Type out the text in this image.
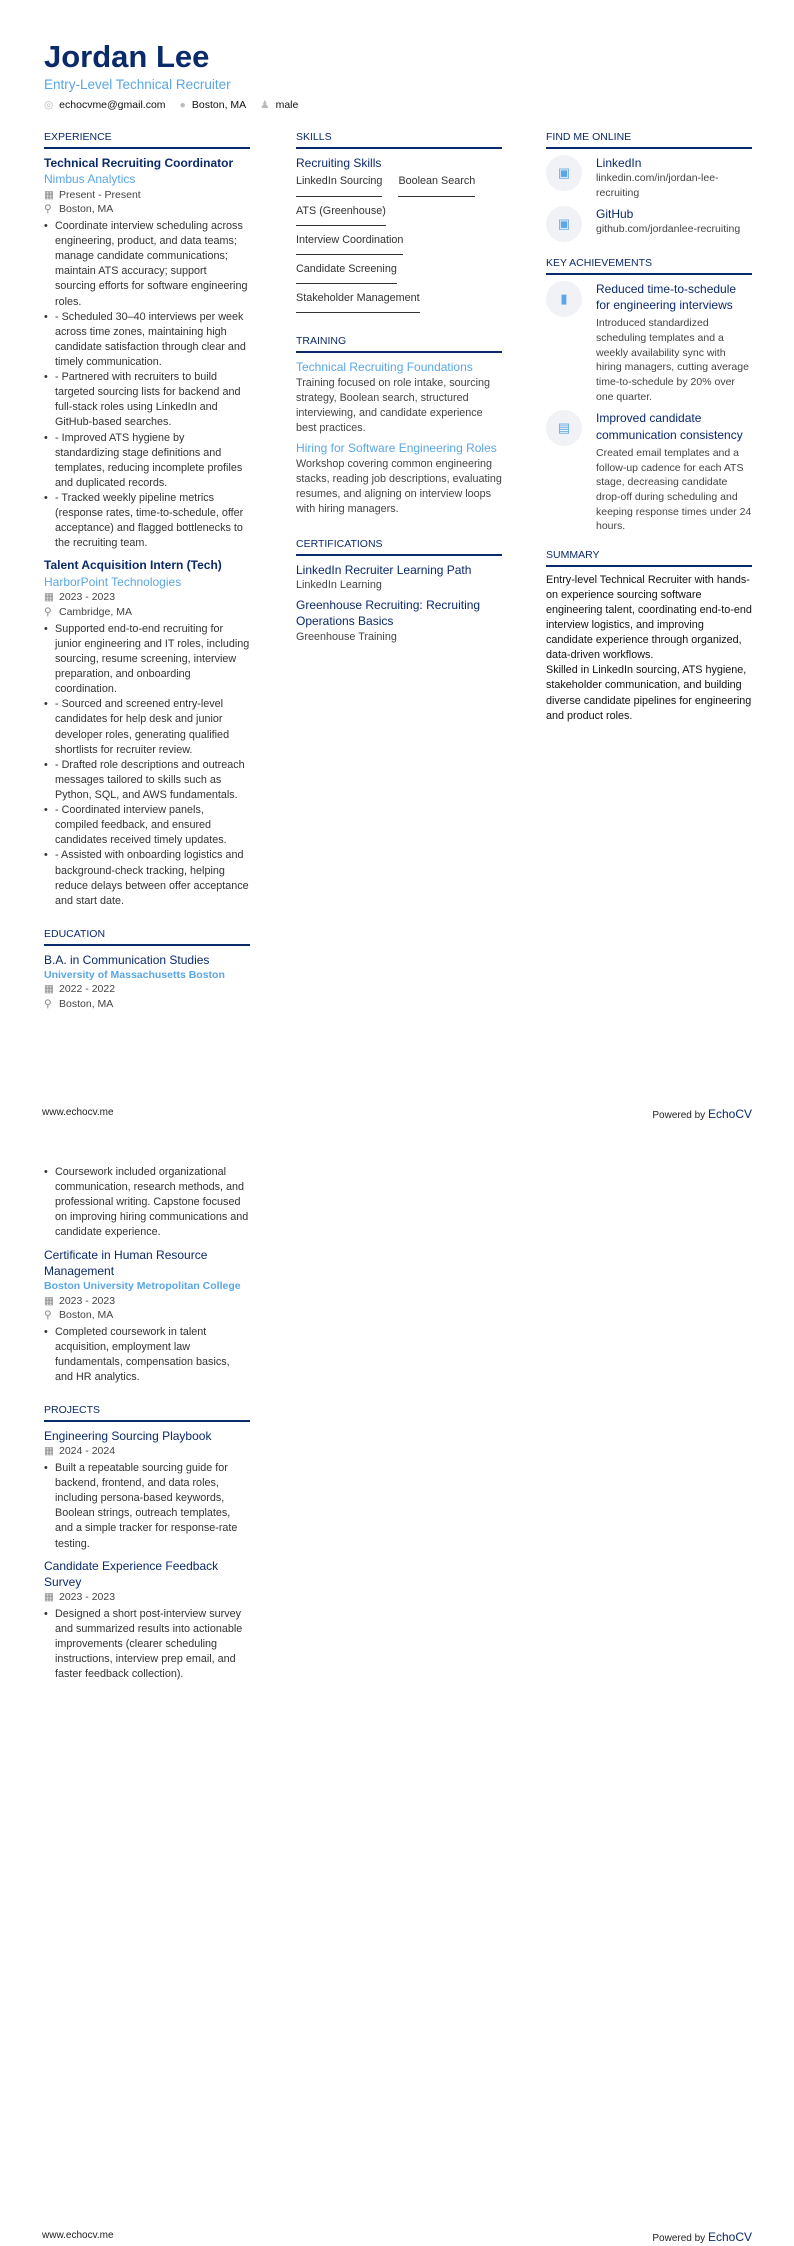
Jordan Lee
Entry-Level Technical Recruiter
◎ echocvme@gmail.com ● Boston, MA ♟ male
EXPERIENCE
Technical Recruiting Coordinator
Nimbus Analytics
▦ Present - Present
⚲ Boston, MA
• Coordinate interview scheduling across engineering, product, and data teams; manage candidate communications; maintain ATS accuracy; support sourcing efforts for software engineering roles.
• - Scheduled 30–40 interviews per week across time zones, maintaining high candidate satisfaction through clear and timely communication.
• - Partnered with recruiters to build targeted sourcing lists for backend and full-stack roles using LinkedIn and GitHub-based searches.
• - Improved ATS hygiene by standardizing stage definitions and templates, reducing incomplete profiles and duplicated records.
• - Tracked weekly pipeline metrics (response rates, time-to-schedule, offer acceptance) and flagged bottlenecks to the recruiting team.
Talent Acquisition Intern (Tech)
HarborPoint Technologies
▦ 2023 - 2023
⚲ Cambridge, MA
• Supported end-to-end recruiting for junior engineering and IT roles, including sourcing, resume screening, interview preparation, and onboarding coordination.
• - Sourced and screened entry-level candidates for help desk and junior developer roles, generating qualified shortlists for recruiter review.
• - Drafted role descriptions and outreach messages tailored to skills such as Python, SQL, and AWS fundamentals.
• - Coordinated interview panels, compiled feedback, and ensured candidates received timely updates.
• - Assisted with onboarding logistics and background-check tracking, helping reduce delays between offer acceptance and start date.
EDUCATION
B.A. in Communication Studies
University of Massachusetts Boston
▦ 2022 - 2022
⚲ Boston, MA
SKILLS
Recruiting Skills
LinkedIn Sourcing Boolean Search
ATS (Greenhouse)
Interview Coordination
Candidate Screening
Stakeholder Management
TRAINING
Technical Recruiting Foundations
Training focused on role intake, sourcing strategy, Boolean search, structured interviewing, and candidate experience best practices.
Hiring for Software Engineering Roles
Workshop covering common engineering stacks, reading job descriptions, evaluating resumes, and aligning on interview loops with hiring managers.
CERTIFICATIONS
LinkedIn Recruiter Learning Path
LinkedIn Learning
Greenhouse Recruiting: Recruiting Operations Basics
Greenhouse Training
FIND ME ONLINE
▣
LinkedIn
linkedin.com/in/jordan-lee-recruiting
▣
GitHub
github.com/jordanlee-recruiting
KEY ACHIEVEMENTS
▮
Reduced time-to-schedule for engineering interviews
Introduced standardized scheduling templates and a weekly availability sync with hiring managers, cutting average time-to-schedule by 20% over one quarter.
▤
Improved candidate communication consistency
Created email templates and a follow-up cadence for each ATS stage, decreasing candidate drop-off during scheduling and keeping response times under 24 hours.
SUMMARY
Entry-level Technical Recruiter with hands-on experience sourcing software engineering talent, coordinating end-to-end interview logistics, and improving candidate experience through organized, data-driven workflows.
Skilled in LinkedIn sourcing, ATS hygiene, stakeholder communication, and building diverse candidate pipelines for engineering and product roles.
www.echocv.me	Powered by EchoCV
• Coursework included organizational communication, research methods, and professional writing. Capstone focused on improving hiring communications and candidate experience.
Certificate in Human Resource Management
Boston University Metropolitan College
▦ 2023 - 2023
⚲ Boston, MA
• Completed coursework in talent acquisition, employment law fundamentals, compensation basics, and HR analytics.
PROJECTS
Engineering Sourcing Playbook
▦ 2024 - 2024
• Built a repeatable sourcing guide for backend, frontend, and data roles, including persona-based keywords, Boolean strings, outreach templates, and a simple tracker for response-rate testing.
Candidate Experience Feedback Survey
▦ 2023 - 2023
• Designed a short post-interview survey and summarized results into actionable improvements (clearer scheduling instructions, interview prep email, and faster feedback collection).
www.echocv.me	Powered by EchoCV
